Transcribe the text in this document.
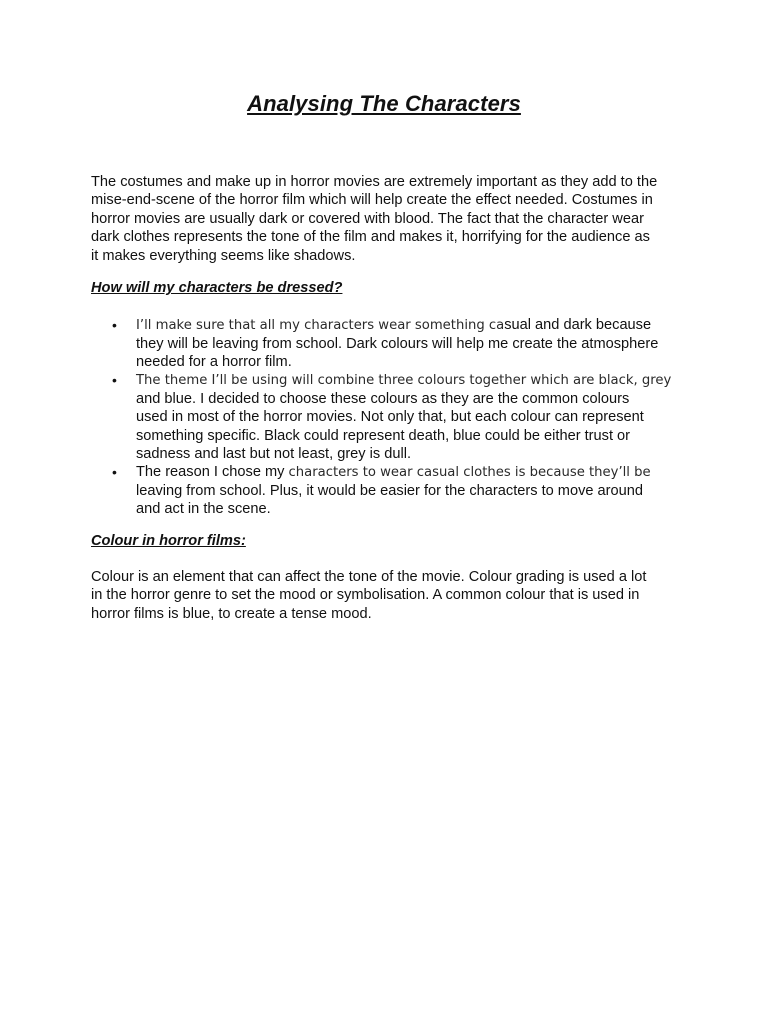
Analysing The Characters

The costumes and make up in horror movies are extremely important as they add to the
mise-end-scene of the horror film which will help create the effect needed. Costumes in
horror movies are usually dark or covered with blood. The fact that the character wear
dark clothes represents the tone of the film and makes it, horrifying for the audience as
it makes everything seems like shadows.

How will my characters be dressed?
• I’ll make sure that all my characters wear something casual and dark because
they will be leaving from school. Dark colours will help me create the atmosphere
needed for a horror film.
• The theme I’ll be using will combine three colours together which are black, grey
and blue. I decided to choose these colours as they are the common colours
used in most of the horror movies. Not only that, but each colour can represent
something specific. Black could represent death, blue could be either trust or
sadness and last but not least, grey is dull.
• The reason I chose my characters to wear casual clothes is because they’ll be
leaving from school. Plus, it would be easier for the characters to move around
and act in the scene.
Colour in horror films:

Colour is an element that can affect the tone of the movie. Colour grading is used a lot
in the horror genre to set the mood or symbolisation. A common colour that is used in
horror films is blue, to create a tense mood.
